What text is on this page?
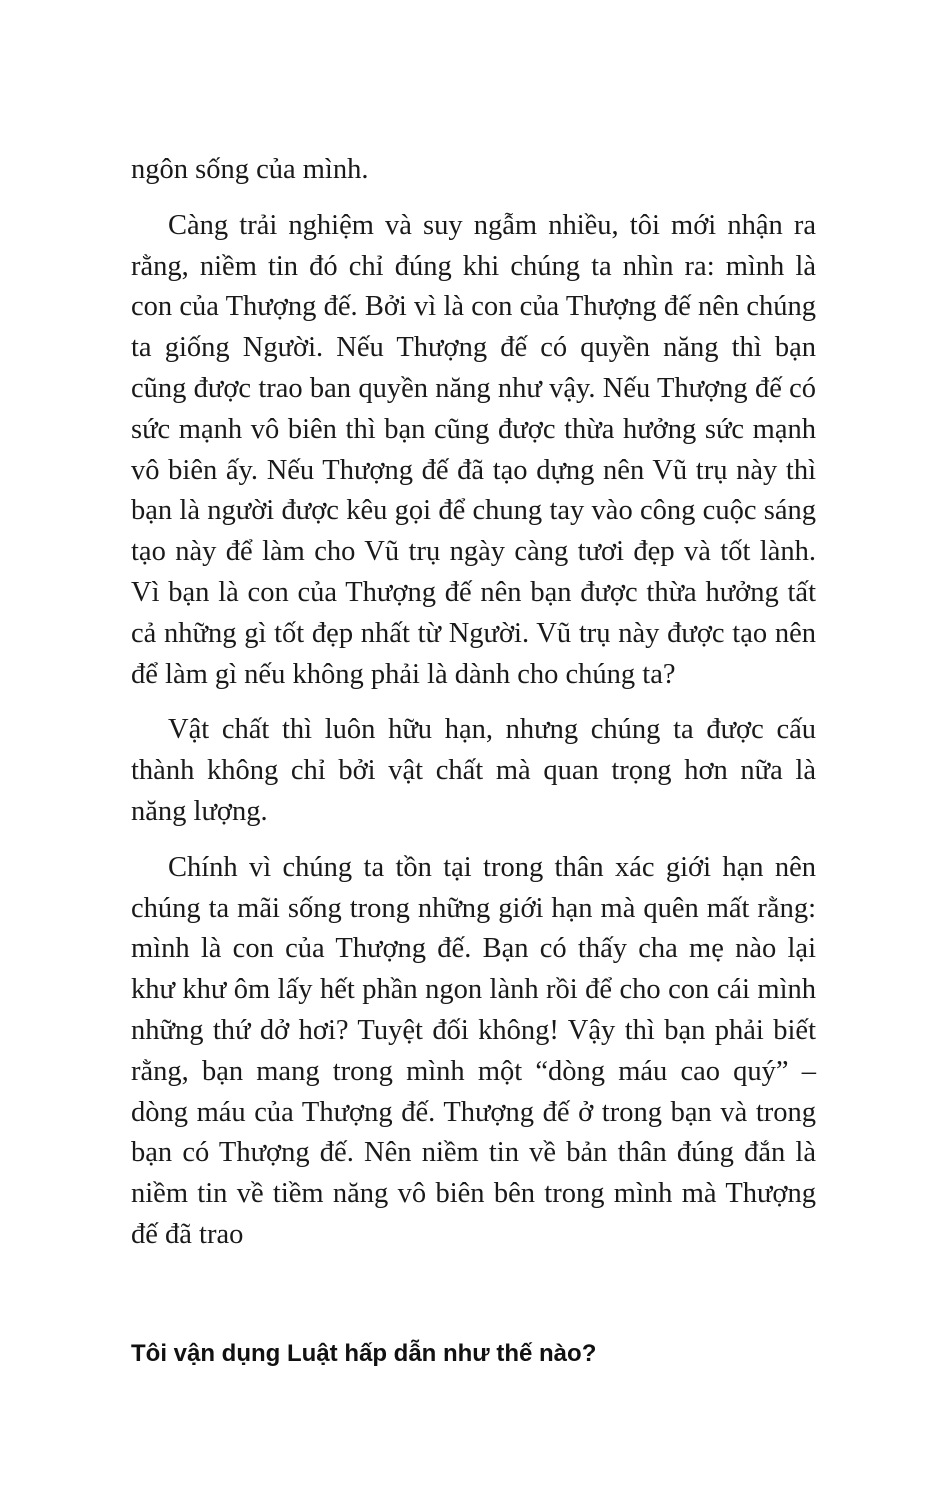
ngôn sống của mình.

Càng trải nghiệm và suy ngẫm nhiều, tôi mới nhận ra rằng, niềm tin đó chỉ đúng khi chúng ta nhìn ra: mình là con của Thượng đế. Bởi vì là con của Thượng đế nên chúng ta giống Người. Nếu Thượng đế có quyền năng thì bạn cũng được trao ban quyền năng như vậy. Nếu Thượng đế có sức mạnh vô biên thì bạn cũng được thừa hưởng sức mạnh vô biên ấy. Nếu Thượng đế đã tạo dựng nên Vũ trụ này thì bạn là người được kêu gọi để chung tay vào công cuộc sáng tạo này để làm cho Vũ trụ ngày càng tươi đẹp và tốt lành. Vì bạn là con của Thượng đế nên bạn được thừa hưởng tất cả những gì tốt đẹp nhất từ Người. Vũ trụ này được tạo nên để làm gì nếu không phải là dành cho chúng ta?

Vật chất thì luôn hữu hạn, nhưng chúng ta được cấu thành không chỉ bởi vật chất mà quan trọng hơn nữa là năng lượng.

Chính vì chúng ta tồn tại trong thân xác giới hạn nên chúng ta mãi sống trong những giới hạn mà quên mất rằng: mình là con của Thượng đế. Bạn có thấy cha mẹ nào lại khư khư ôm lấy hết phần ngon lành rồi để cho con cái mình những thứ dở hơi? Tuyệt đối không! Vậy thì bạn phải biết rằng, bạn mang trong mình một “dòng máu cao quý” – dòng máu của Thượng đế. Thượng đế ở trong bạn và trong bạn có Thượng đế. Nên niềm tin về bản thân đúng đắn là niềm tin về tiềm năng vô biên bên trong mình mà Thượng đế đã trao

Tôi vận dụng Luật hấp dẫn như thế nào?
